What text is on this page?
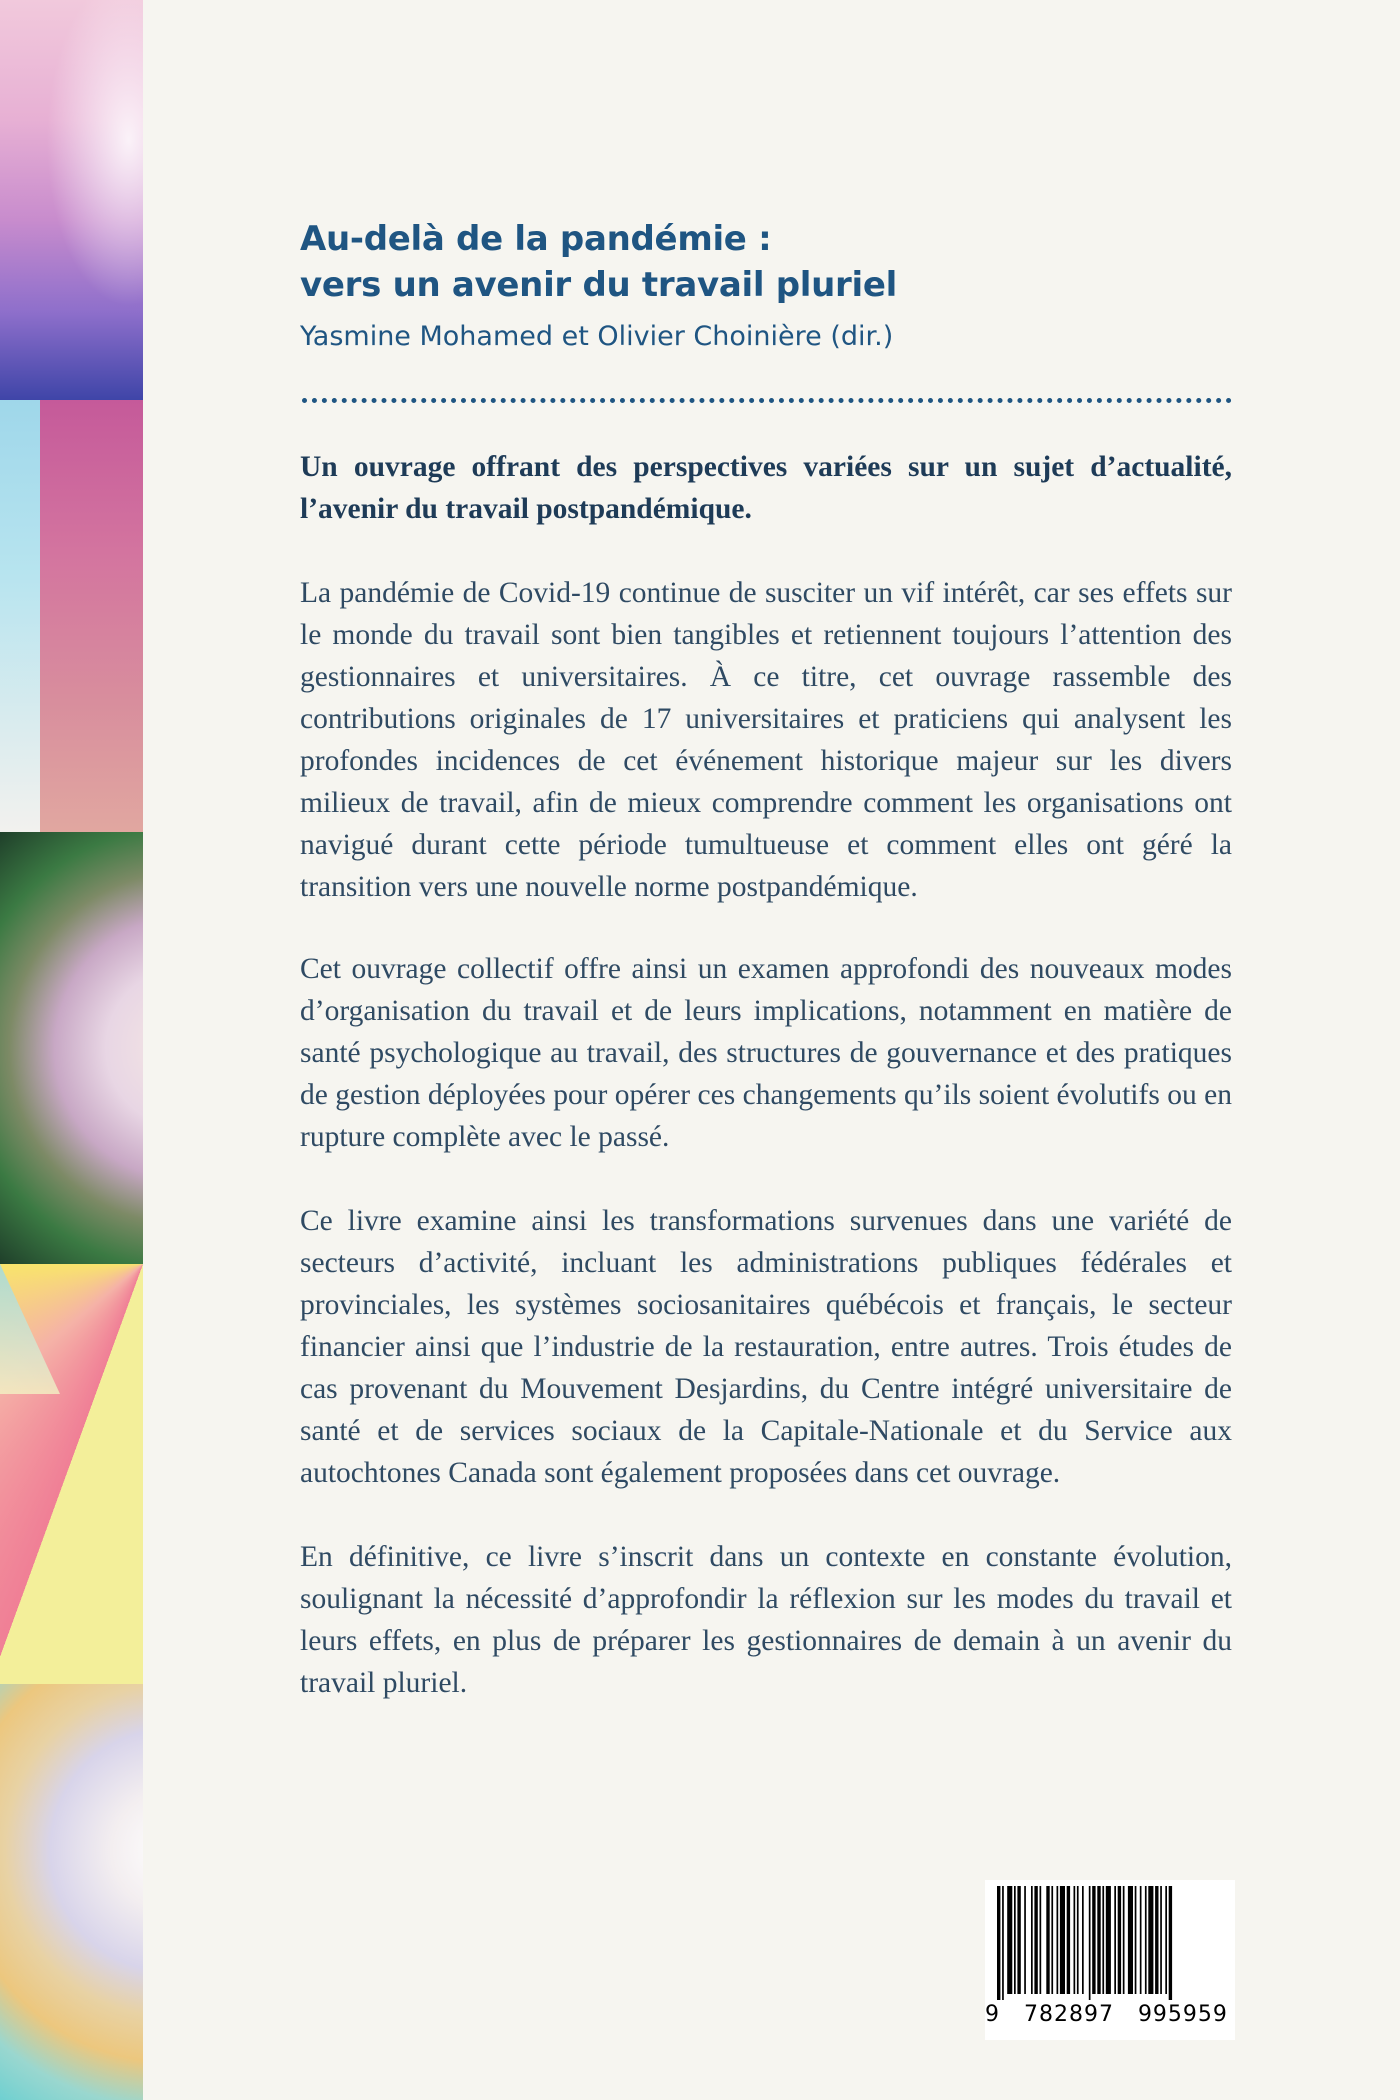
Au-delà de la pandémie :
vers un avenir du travail pluriel
Yasmine Mohamed et Olivier Choinière (dir.)

Un ouvrage offrant des perspectives variées sur un sujet d’actualité, l’avenir du travail postpandémique.

La pandémie de Covid-19 continue de susciter un vif intérêt, car ses effets sur le monde du travail sont bien tangibles et retiennent toujours l’attention des gestionnaires et universitaires. À ce titre, cet ouvrage rassemble des contributions originales de 17 universitaires et praticiens qui analysent les profondes incidences de cet événement historique majeur sur les divers milieux de travail, afin de mieux comprendre comment les organisations ont navigué durant cette période tumultueuse et comment elles ont géré la transition vers une nouvelle norme postpandémique.

Cet ouvrage collectif offre ainsi un examen approfondi des nouveaux modes d’organisation du travail et de leurs implications, notamment en matière de santé psychologique au travail, des structures de gouvernance et des pratiques de gestion déployées pour opérer ces changements qu’ils soient évolutifs ou en rupture complète avec le passé.

Ce livre examine ainsi les transformations survenues dans une variété de secteurs d’activité, incluant les administrations publiques fédérales et provinciales, les systèmes sociosanitaires québécois et français, le secteur financier ainsi que l’industrie de la restauration, entre autres. Trois études de cas provenant du Mouvement Desjardins, du Centre intégré universitaire de santé et de services sociaux de la Capitale-Nationale et du Service aux autochtones Canada sont également proposées dans cet ouvrage.

En définitive, ce livre s’inscrit dans un contexte en constante évolution, soulignant la nécessité d’approfondir la réflexion sur les modes du travail et leurs effets, en plus de préparer les gestionnaires de demain à un avenir du travail pluriel.

9   782897   995959
